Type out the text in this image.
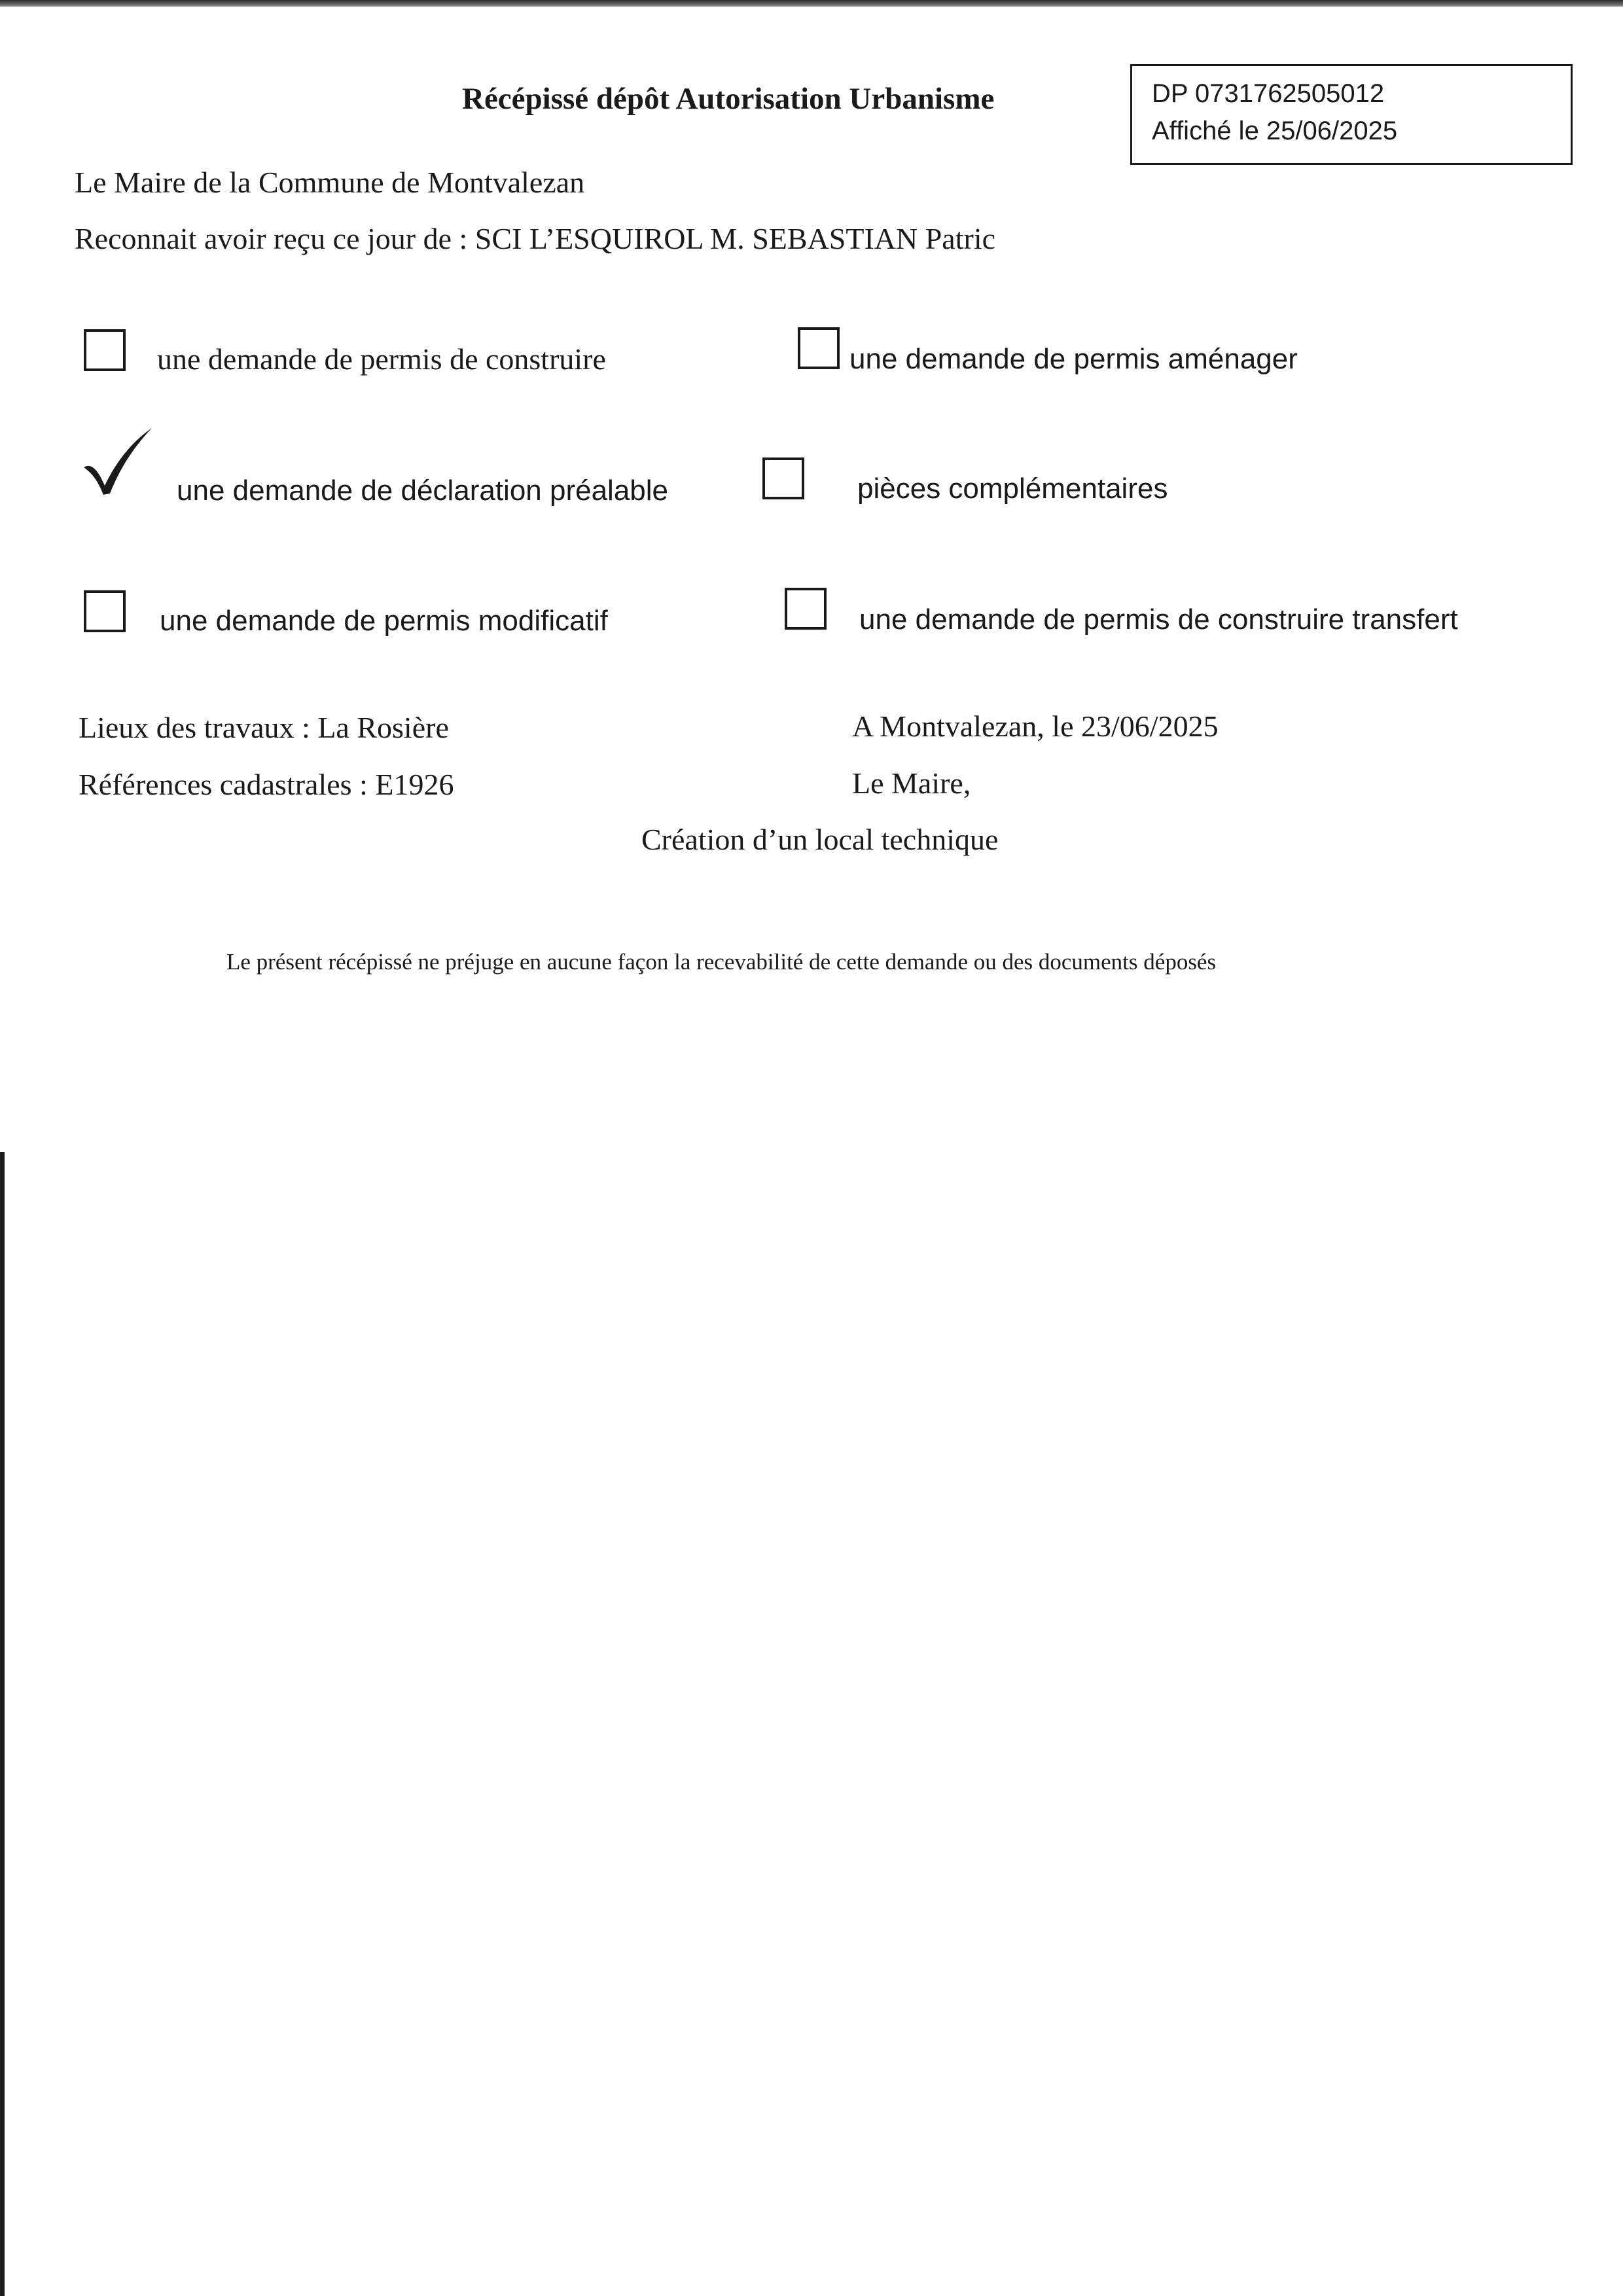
Récépissé dépôt Autorisation Urbanisme	DP 0731762505012
Affiché le 25/06/2025
Le Maire de la Commune de Montvalezan
Reconnait avoir reçu ce jour de : SCI L’ESQUIROL M. SEBASTIAN Patric
une demande de permis de construire	une demande de permis aménager
une demande de déclaration préalable	pièces complémentaires
une demande de permis modificatif	une demande de permis de construire transfert
Lieux des travaux : La Rosière
Références cadastrales : E1926
A Montvalezan, le 23/06/2025
Le Maire,
Création d’un local technique
Le présent récépissé ne préjuge en aucune façon la recevabilité de cette demande ou des documents déposés
